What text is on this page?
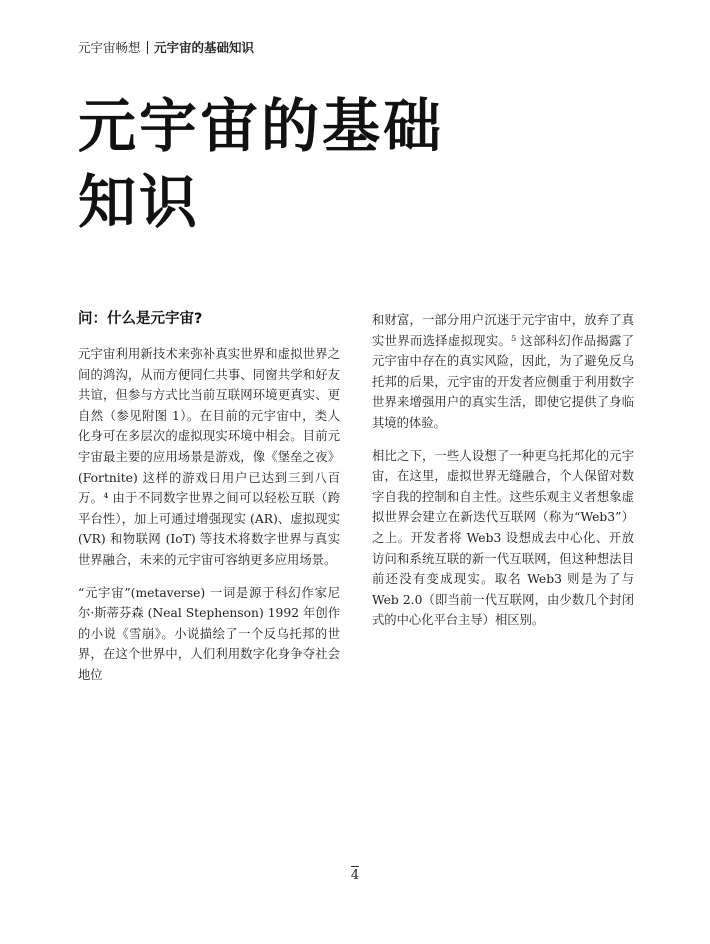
元宇宙畅想 元宇宙的基础知识
元宇宙的基础
知识
问：什么是元宇宙?

元宇宙利用新技术来弥补真实世界和虚拟世界之间的鸿沟，从而方便同仁共事、同窗共学和好友共谊，但参与方式比当前互联网环境更真实、更自然（参见附图 1）。在目前的元宇宙中，类人化身可在多层次的虚拟现实环境中相会。目前元宇宙最主要的应用场景是游戏，像《堡垒之夜》(Fortnite) 这样的游戏日用户已达到三到八百万。⁴ 由于不同数字世界之间可以轻松互联（跨平台性），加上可通过增强现实 (AR)、虚拟现实 (VR) 和物联网 (IoT) 等技术将数字世界与真实世界融合，未来的元宇宙可容纳更多应用场景。

“元宇宙”(metaverse) 一词是源于科幻作家尼尔·斯蒂芬森 (Neal Stephenson) 1992 年创作的小说《雪崩》。小说描绘了一个反乌托邦的世界，在这个世界中，人们利用数字化身争夺社会地位

和财富，一部分用户沉迷于元宇宙中，放弃了真实世界而选择虚拟现实。⁵ 这部科幻作品揭露了元宇宙中存在的真实风险，因此，为了避免反乌托邦的后果，元宇宙的开发者应侧重于利用数字世界来增强用户的真实生活，即使它提供了身临其境的体验。

相比之下，一些人设想了一种更乌托邦化的元宇宙，在这里，虚拟世界无缝融合，个人保留对数字自我的控制和自主性。这些乐观主义者想象虚拟世界会建立在新迭代互联网（称为“Web3”）之上。开发者将 Web3 设想成去中心化、开放访问和系统互联的新一代互联网，但这种想法目前还没有变成现实。取名 Web3 则是为了与 Web 2.0（即当前一代互联网，由少数几个封闭式的中心化平台主导）相区别。

4
